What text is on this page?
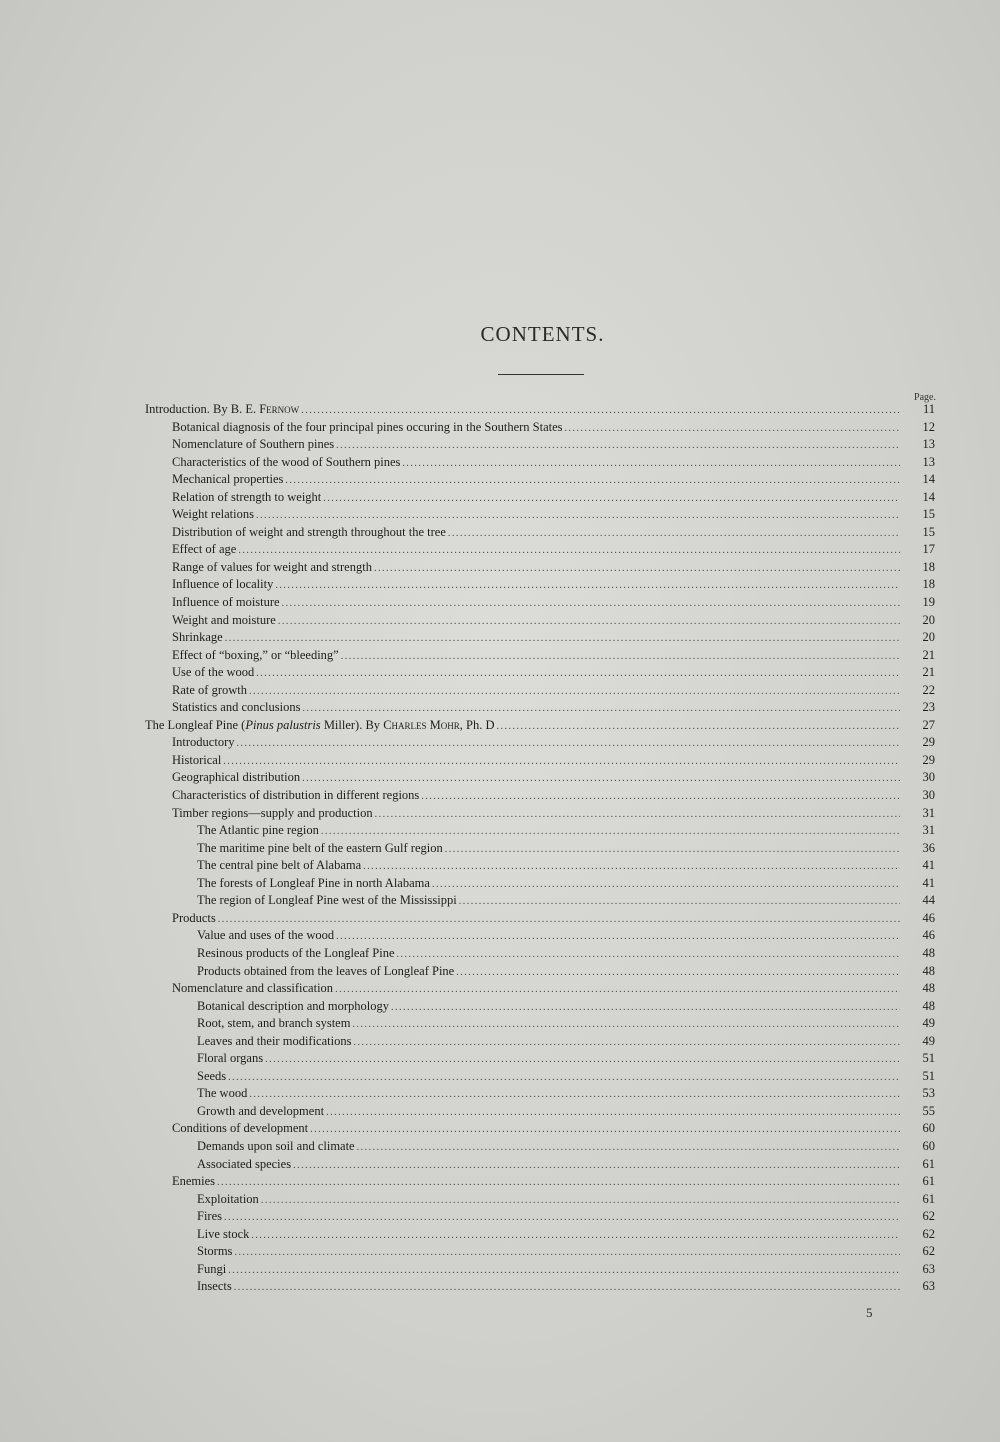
CONTENTS.
Page.
Introduction. By B. E. Fernow .....	11
Botanical diagnosis of the four principal pines occuring in the Southern States .....	12
Nomenclature of Southern pines .....	13
Characteristics of the wood of Southern pines .....	13
Mechanical properties .....	14
Relation of strength to weight .....	14
Weight relations .....	15
Distribution of weight and strength throughout the tree .....	15
Effect of age .....	17
Range of values for weight and strength .....	18
Influence of locality .....	18
Influence of moisture .....	19
Weight and moisture .....	20
Shrinkage .....	20
Effect of “boxing,” or “bleeding” .....	21
Use of the wood .....	21
Rate of growth .....	22
Statistics and conclusions .....	23
The Longleaf Pine (Pinus palustris Miller). By Charles Mohr, Ph. D .....	27
Introductory .....	29
Historical .....	29
Geographical distribution .....	30
Characteristics of distribution in different regions .....	30
Timber regions—supply and production .....	31
The Atlantic pine region .....	31
The maritime pine belt of the eastern Gulf region .....	36
The central pine belt of Alabama .....	41
The forests of Longleaf Pine in north Alabama .....	41
The region of Longleaf Pine west of the Mississippi .....	44
Products .....	46
Value and uses of the wood .....	46
Resinous products of the Longleaf Pine .....	48
Products obtained from the leaves of Longleaf Pine .....	48
Nomenclature and classification .....	48
Botanical description and morphology .....	48
Root, stem, and branch system .....	49
Leaves and their modifications .....	49
Floral organs .....	51
Seeds .....	51
The wood .....	53
Growth and development .....	55
Conditions of development .....	60
Demands upon soil and climate .....	60
Associated species .....	61
Enemies .....	61
Exploitation .....	61
Fires .....	62
Live stock .....	62
Storms .....	62
Fungi .....	63
Insects .....	63
5
